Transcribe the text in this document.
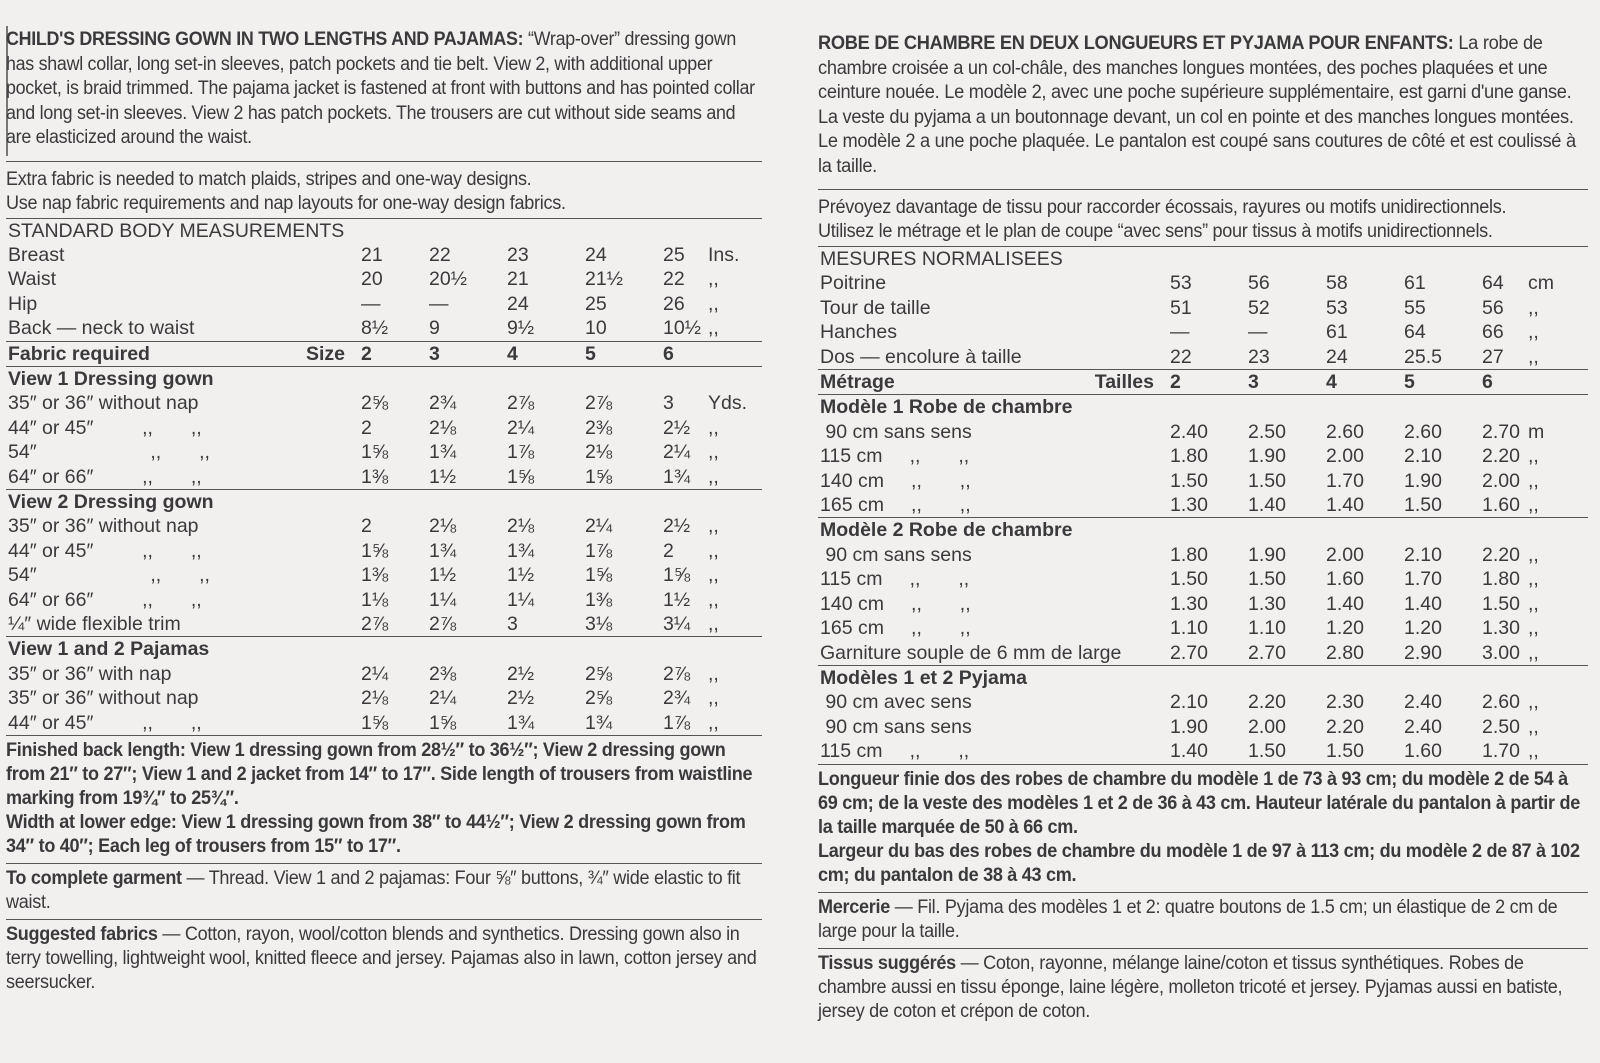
CHILD'S DRESSING GOWN IN TWO LENGTHS AND PAJAMAS: “Wrap-over” dressing gown has shawl collar, long set-in sleeves, patch pockets and tie belt. View 2, with additional upper pocket, is braid trimmed. The pajama jacket is fastened at front with buttons and has pointed collar and long set-in sleeves. View 2 has patch pockets. The trousers are cut without side seams and are elasticized around the waist.

Extra fabric is needed to match plaids, stripes and one-way designs.
Use nap fabric requirements and nap layouts for one-way design fabrics.
STANDARD BODY MEASUREMENTS						
Breast	21	22	23	24	25	Ins.
Waist	20	20½	21	21½	22	,,
Hip	—	—	24	25	26	,,
Back — neck to waist	8½	9	9½	10	10½	,,
Fabric required Size	2	3	4	5	6	
View 1 Dressing gown						
35″ or 36″ without nap	2⅝	2¾	2⅞	2⅞	3	Yds.
44″ or 45″         ,,       ,,	2	2⅛	2¼	2⅜	2½	,,
54″                     ,,       ,,	1⅝	1¾	1⅞	2⅛	2¼	,,
64″ or 66″         ,,       ,,	1⅜	1½	1⅝	1⅝	1¾	,,
View 2 Dressing gown						
35″ or 36″ without nap	2	2⅛	2⅛	2¼	2½	,,
44″ or 45″         ,,       ,,	1⅝	1¾	1¾	1⅞	2	,,
54″                     ,,       ,,	1⅜	1½	1½	1⅝	1⅝	,,
64″ or 66″         ,,       ,,	1⅛	1¼	1¼	1⅜	1½	,,
¼″ wide flexible trim	2⅞	2⅞	3	3⅛	3¼	,,
View 1 and 2 Pajamas						
35″ or 36″ with nap	2¼	2⅜	2½	2⅝	2⅞	,,
35″ or 36″ without nap	2⅛	2¼	2½	2⅝	2¾	,,
44″ or 45″         ,,       ,,	1⅝	1⅝	1¾	1¾	1⅞	,,

Finished back length: View 1 dressing gown from 28½″ to 36½″; View 2 dressing gown from 21″ to 27″; View 1 and 2 jacket from 14″ to 17″. Side length of trousers from waistline marking from 19¾″ to 25¾″.

Width at lower edge: View 1 dressing gown from 38″ to 44½″; View 2 dressing gown from 34″ to 40″; Each leg of trousers from 15″ to 17″.

To complete garment — Thread. View 1 and 2 pajamas: Four ⅝″ buttons, ¾″ wide elastic to fit waist.

Suggested fabrics — Cotton, rayon, wool/cotton blends and synthetics. Dressing gown also in terry towelling, lightweight wool, knitted fleece and jersey. Pajamas also in lawn, cotton jersey and seersucker.

ROBE DE CHAMBRE EN DEUX LONGUEURS ET PYJAMA POUR ENFANTS: La robe de chambre croisée a un col-châle, des manches longues montées, des poches plaquées et une ceinture nouée. Le modèle 2, avec une poche supérieure supplémentaire, est garni d'une ganse. La veste du pyjama a un boutonnage devant, un col en pointe et des manches longues montées. Le modèle 2 a une poche plaquée. Le pantalon est coupé sans coutures de côté et est coulissé à la taille.

Prévoyez davantage de tissu pour raccorder écossais, rayures ou motifs unidirectionnels.
Utilisez le métrage et le plan de coupe “avec sens” pour tissus à motifs unidirectionnels.
MESURES NORMALISEES						
Poitrine	53	56	58	61	64	cm
Tour de taille	51	52	53	55	56	,,
Hanches	—	—	61	64	66	,,
Dos — encolure à taille	22	23	24	25.5	27	,,
Métrage Tailles	2	3	4	5	6	
Modèle 1 Robe de chambre						
90 cm sans sens	2.40	2.50	2.60	2.60	2.70	m
115 cm     ,,       ,,	1.80	1.90	2.00	2.10	2.20	,,
140 cm     ,,       ,,	1.50	1.50	1.70	1.90	2.00	,,
165 cm     ,,       ,,	1.30	1.40	1.40	1.50	1.60	,,
Modèle 2 Robe de chambre						
90 cm sans sens	1.80	1.90	2.00	2.10	2.20	,,
115 cm     ,,       ,,	1.50	1.50	1.60	1.70	1.80	,,
140 cm     ,,       ,,	1.30	1.30	1.40	1.40	1.50	,,
165 cm     ,,       ,,	1.10	1.10	1.20	1.20	1.30	,,
Garniture souple de 6 mm de large	2.70	2.70	2.80	2.90	3.00	,,
Modèles 1 et 2 Pyjama						
90 cm avec sens	2.10	2.20	2.30	2.40	2.60	,,
90 cm sans sens	1.90	2.00	2.20	2.40	2.50	,,
115 cm     ,,       ,,	1.40	1.50	1.50	1.60	1.70	,,

Longueur finie dos des robes de chambre du modèle 1 de 73 à 93 cm; du modèle 2 de 54 à 69 cm; de la veste des modèles 1 et 2 de 36 à 43 cm. Hauteur latérale du pantalon à partir de la taille marquée de 50 à 66 cm.

Largeur du bas des robes de chambre du modèle 1 de 97 à 113 cm; du modèle 2 de 87 à 102 cm; du pantalon de 38 à 43 cm.

Mercerie — Fil. Pyjama des modèles 1 et 2: quatre boutons de 1.5 cm; un élastique de 2 cm de large pour la taille.

Tissus suggérés — Coton, rayonne, mélange laine/coton et tissus synthétiques. Robes de chambre aussi en tissu éponge, laine légère, molleton tricoté et jersey. Pyjamas aussi en batiste, jersey de coton et crépon de coton.
